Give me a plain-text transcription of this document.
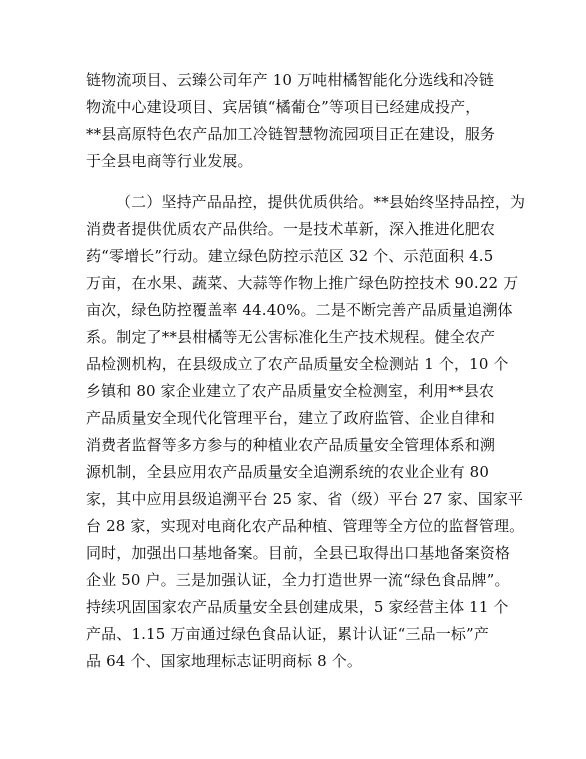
链物流项目、云臻公司年产 10 万吨柑橘智能化分选线和冷链
物流中心建设项目、宾居镇“橘葡仓”等项目已经建成投产，
**县高原特色农产品加工冷链智慧物流园项目正在建设，服务
于全县电商等行业发展。
（二）坚持产品品控，提供优质供给。**县始终坚持品控，为
消费者提供优质农产品供给。一是技术革新，深入推进化肥农
药“零增长”行动。建立绿色防控示范区 32 个、示范面积 4.5
万亩，在水果、蔬菜、大蒜等作物上推广绿色防控技术 90.22 万
亩次，绿色防控覆盖率 44.40%。二是不断完善产品质量追溯体
系。制定了**县柑橘等无公害标准化生产技术规程。健全农产
品检测机构，在县级成立了农产品质量安全检测站 1 个，10 个
乡镇和 80 家企业建立了农产品质量安全检测室，利用**县农
产品质量安全现代化管理平台，建立了政府监管、企业自律和
消费者监督等多方参与的种植业农产品质量安全管理体系和溯
源机制，全县应用农产品质量安全追溯系统的农业企业有 80
家，其中应用县级追溯平台 25 家、省（级）平台 27 家、国家平
台 28 家，实现对电商化农产品种植、管理等全方位的监督管理。
同时，加强出口基地备案。目前，全县已取得出口基地备案资格
企业 50 户。三是加强认证，全力打造世界一流“绿色食品牌”。
持续巩固国家农产品质量安全县创建成果，5 家经营主体 11 个
产品、1.15 万亩通过绿色食品认证，累计认证“三品一标”产
品 64 个、国家地理标志证明商标 8 个。
